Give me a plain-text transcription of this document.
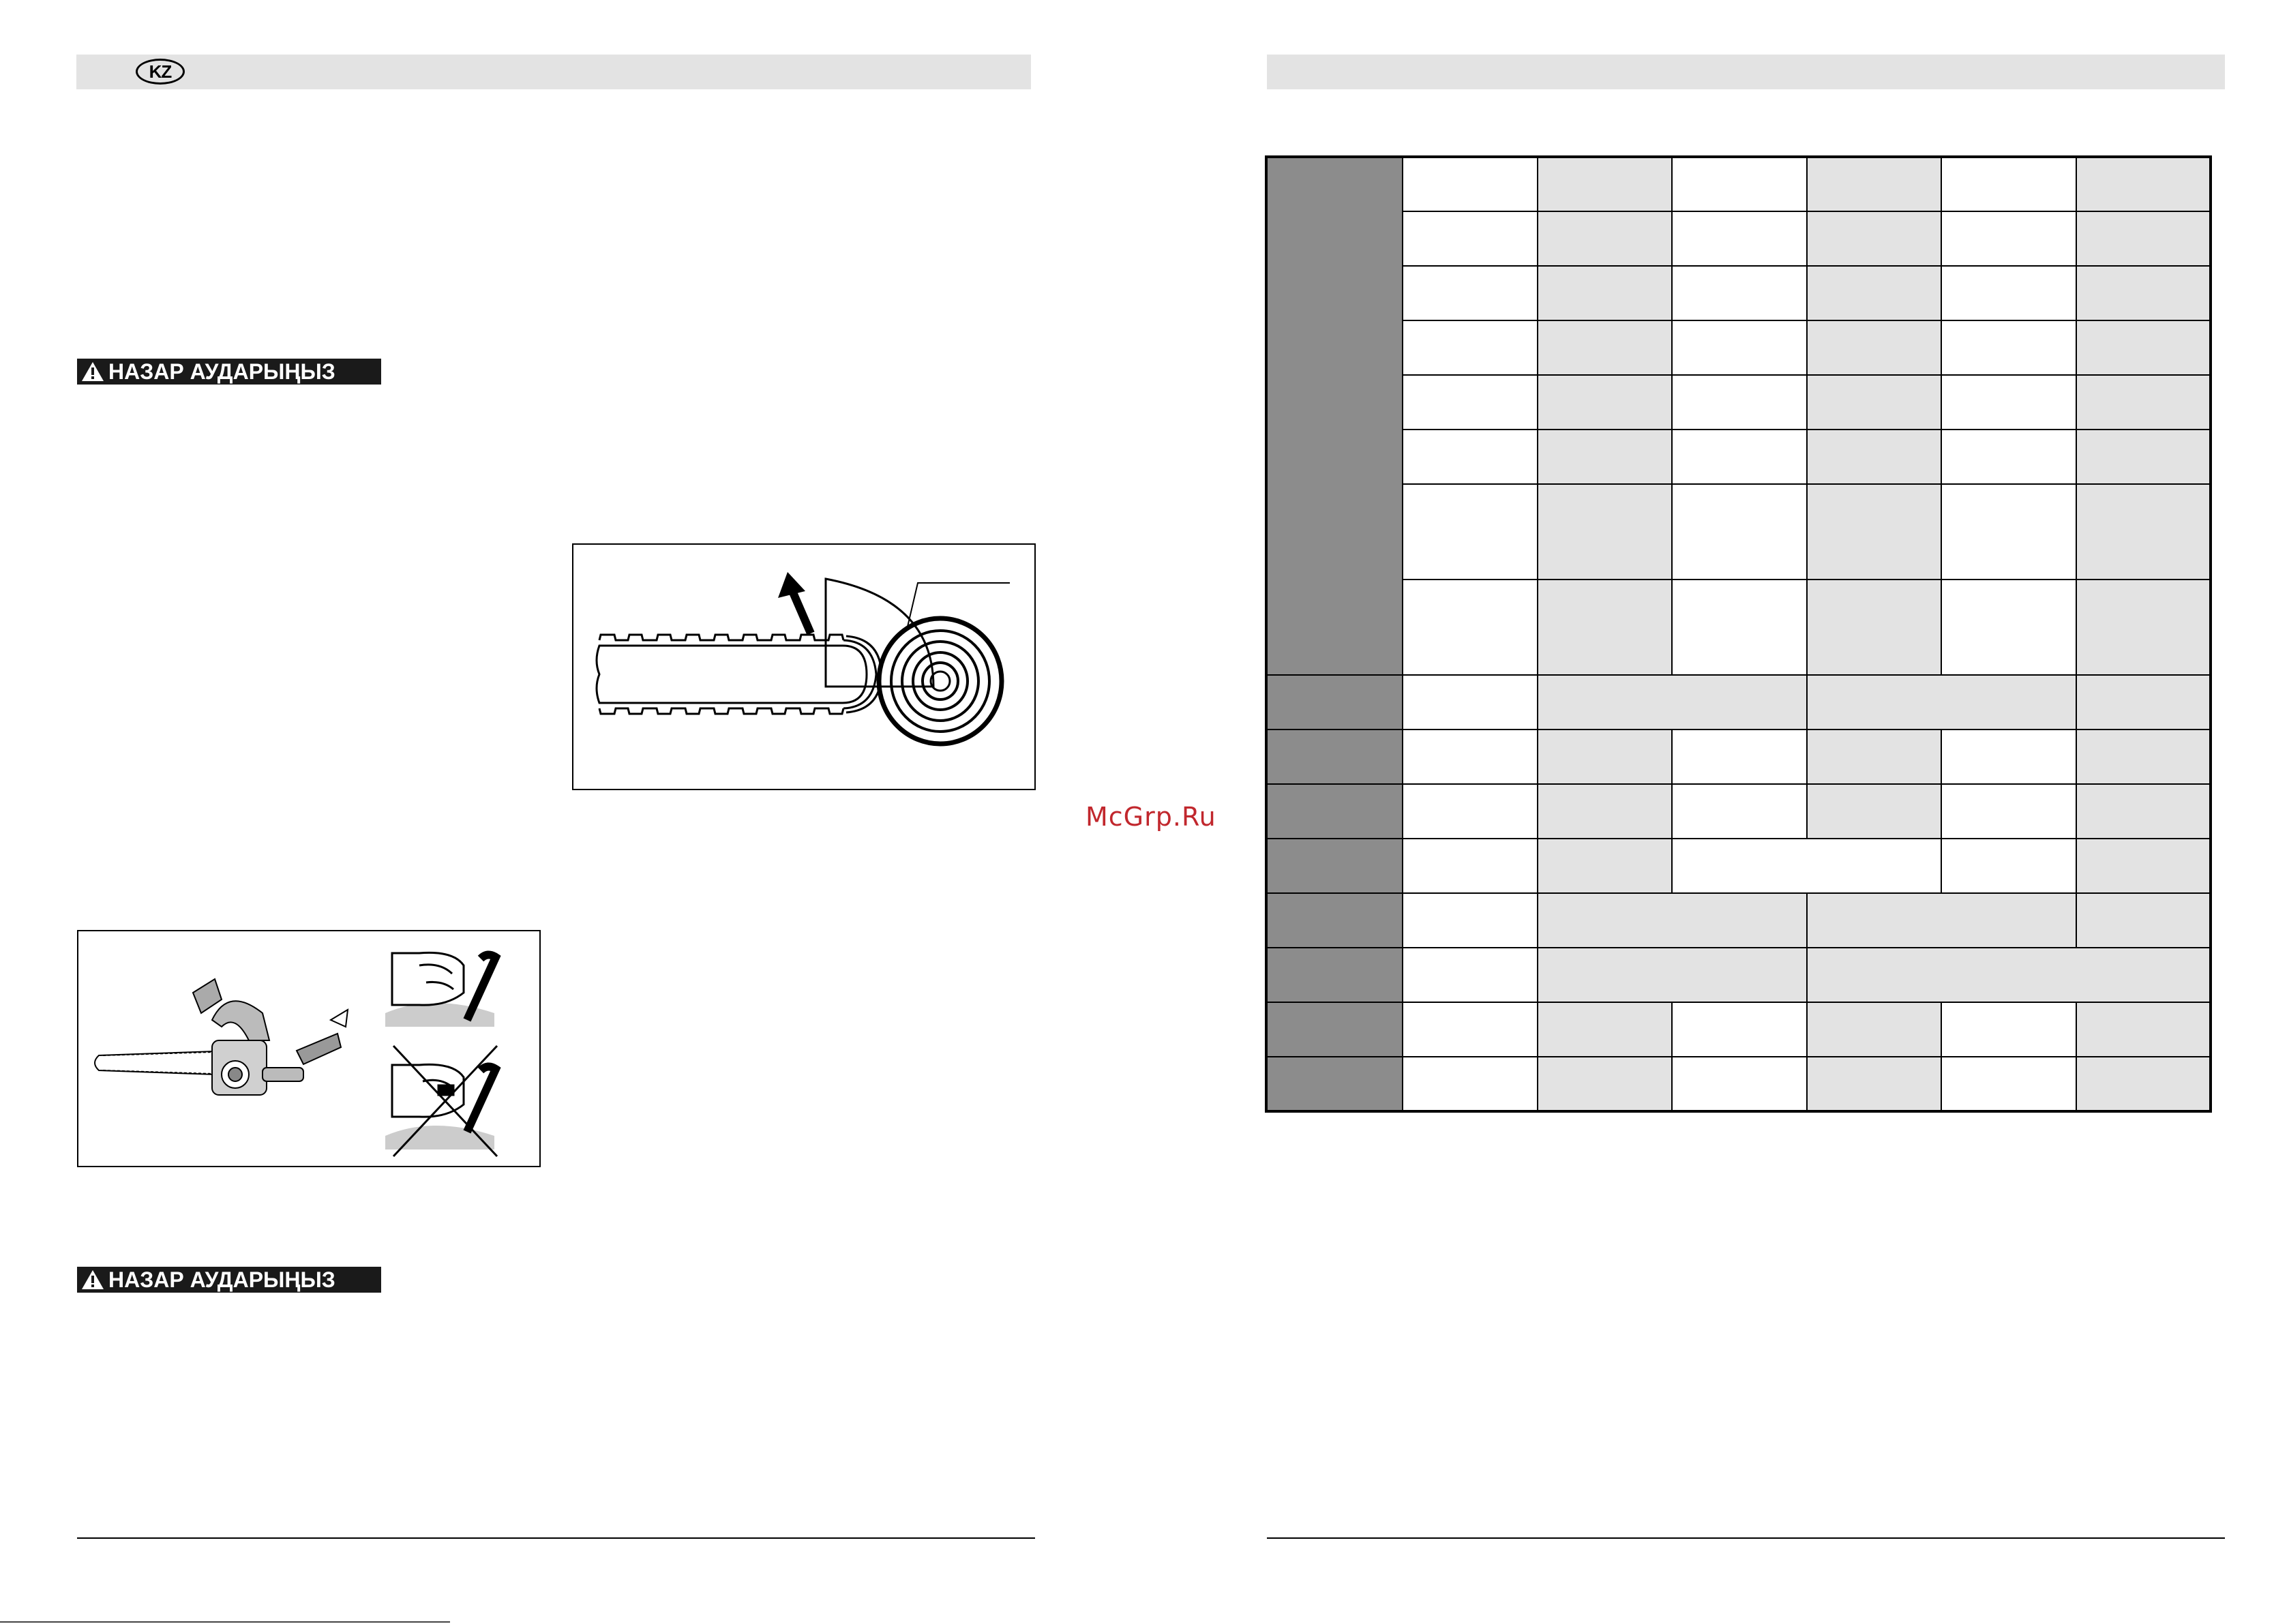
KZ
НАЗАР АУДАРЫҢЫЗ
НАЗАР АУДАРЫҢЫЗ
McGrp.Ru
